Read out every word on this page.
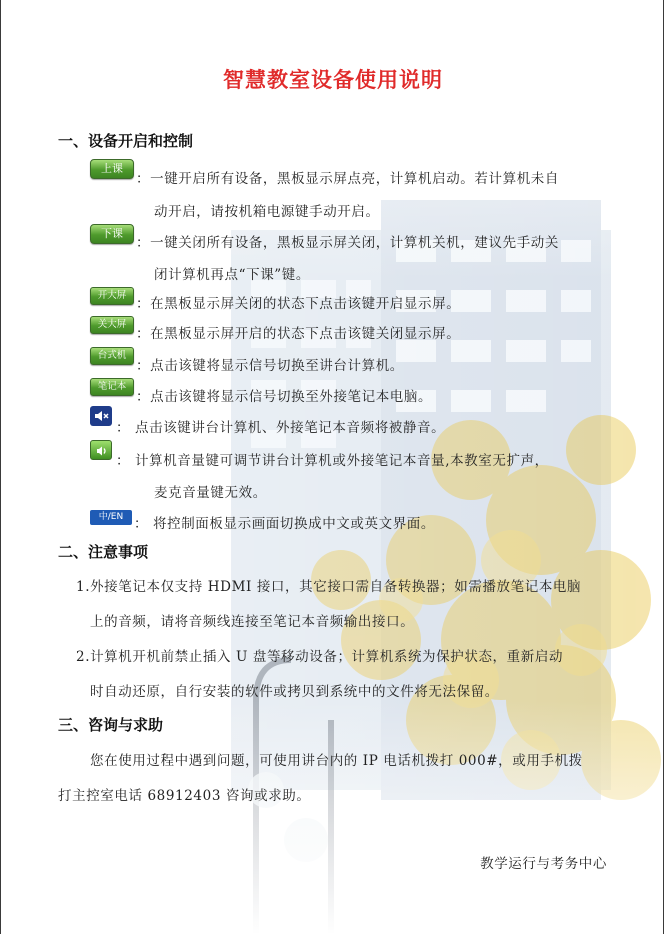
智慧教室设备使用说明
一、设备开启和控制
上课
：一键开启所有设备，黑板显示屏点亮，计算机启动。若计算机未自
动开启，请按机箱电源键手动开启。
下课
：一键关闭所有设备，黑板显示屏关闭，计算机关机，建议先手动关
闭计算机再点“下课”键。
开大屏
：在黑板显示屏关闭的状态下点击该键开启显示屏。
关大屏
：在黑板显示屏开启的状态下点击该键关闭显示屏。
台式机
：点击该键将显示信号切换至讲台计算机。
笔记本
：点击该键将显示信号切换至外接笔记本电脑。
： 点击该键讲台计算机、外接笔记本音频将被静音。
： 计算机音量键可调节讲台计算机或外接笔记本音量,本教室无扩声，
麦克音量键无效。
中/EN ： 将控制面板显示画面切换成中文或英文界面。
二、注意事项
1.外接笔记本仅支持 HDMI 接口，其它接口需自备转换器；如需播放笔记本电脑
上的音频，请将音频线连接至笔记本音频输出接口。
2.计算机开机前禁止插入 U 盘等移动设备；计算机系统为保护状态，重新启动
时自动还原，自行安装的软件或拷贝到系统中的文件将无法保留。
三、咨询与求助
您在使用过程中遇到问题，可使用讲台内的 IP 电话机拨打 000#，或用手机拨
打主控室电话 68912403 咨询或求助。
教学运行与考务中心
